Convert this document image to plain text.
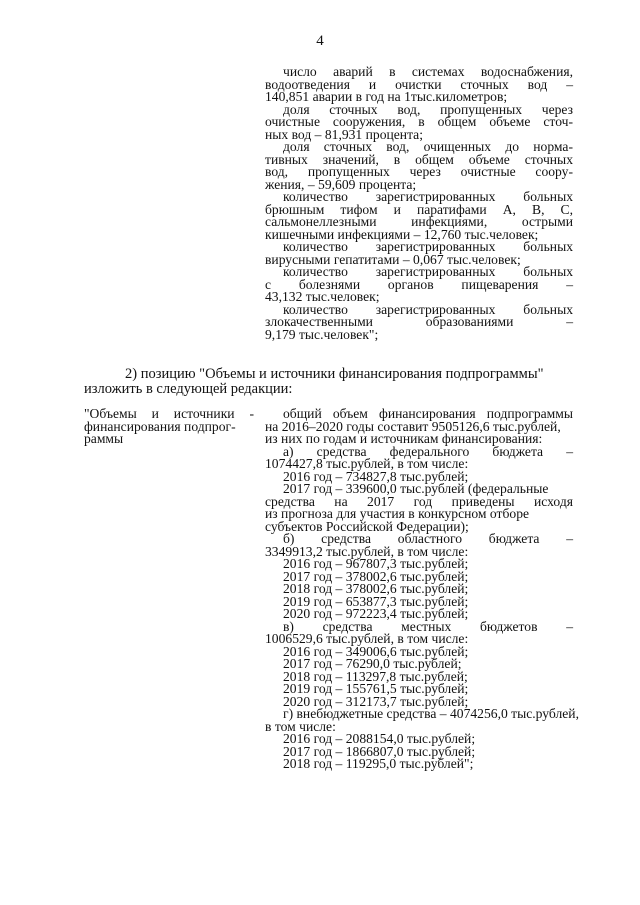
4
число аварий в системах водоснабжения,
водоотведения и очистки сточных вод –
140,851 аварии в год на 1тыс.километров;
доля сточных вод, пропущенных через
очистные сооружения, в общем объеме сточ-
ных вод – 81,931 процента;
доля сточных вод, очищенных до норма-
тивных значений, в общем объеме сточных
вод, пропущенных через очистные соору-
жения, – 59,609 процента;
количество зарегистрированных больных
брюшным тифом и паратифами А, В, С,
сальмонеллезными инфекциями, острыми
кишечными инфекциями – 12,760 тыс.человек;
количество зарегистрированных больных
вирусными гепатитами – 0,067 тыс.человек;
количество зарегистрированных больных
с болезнями органов пищеварения –
43,132 тыс.человек;
количество зарегистрированных больных
злокачественными образованиями –
9,179 тыс.человек";
2) позицию "Объемы и источники финансирования подпрограммы"
изложить в следующей редакции:
"Объемы и источники -
финансирования подпрог-
раммы
общий объем финансирования подпрограммы
на 2016–2020 годы составит 9505126,6 тыс.рублей,
из них по годам и источникам финансирования:
а) средства федерального бюджета –
1074427,8 тыс.рублей, в том числе:
2016 год – 734827,8 тыс.рублей;
2017 год – 339600,0 тыс.рублей (федеральные
средства на 2017 год приведены исходя
из прогноза для участия в конкурсном отборе
субъектов Российской Федерации);
б) средства областного бюджета –
3349913,2 тыс.рублей, в том числе:
2016 год – 967807,3 тыс.рублей;
2017 год – 378002,6 тыс.рублей;
2018 год – 378002,6 тыс.рублей;
2019 год – 653877,3 тыс.рублей;
2020 год – 972223,4 тыс.рублей;
в) средства местных бюджетов –
1006529,6 тыс.рублей, в том числе:
2016 год – 349006,6 тыс.рублей;
2017 год – 76290,0 тыс.рублей;
2018 год – 113297,8 тыс.рублей;
2019 год – 155761,5 тыс.рублей;
2020 год – 312173,7 тыс.рублей;
г) внебюджетные средства – 4074256,0 тыс.рублей,
в том числе:
2016 год – 2088154,0 тыс.рублей;
2017 год – 1866807,0 тыс.рублей;
2018 год – 119295,0 тыс.рублей";
